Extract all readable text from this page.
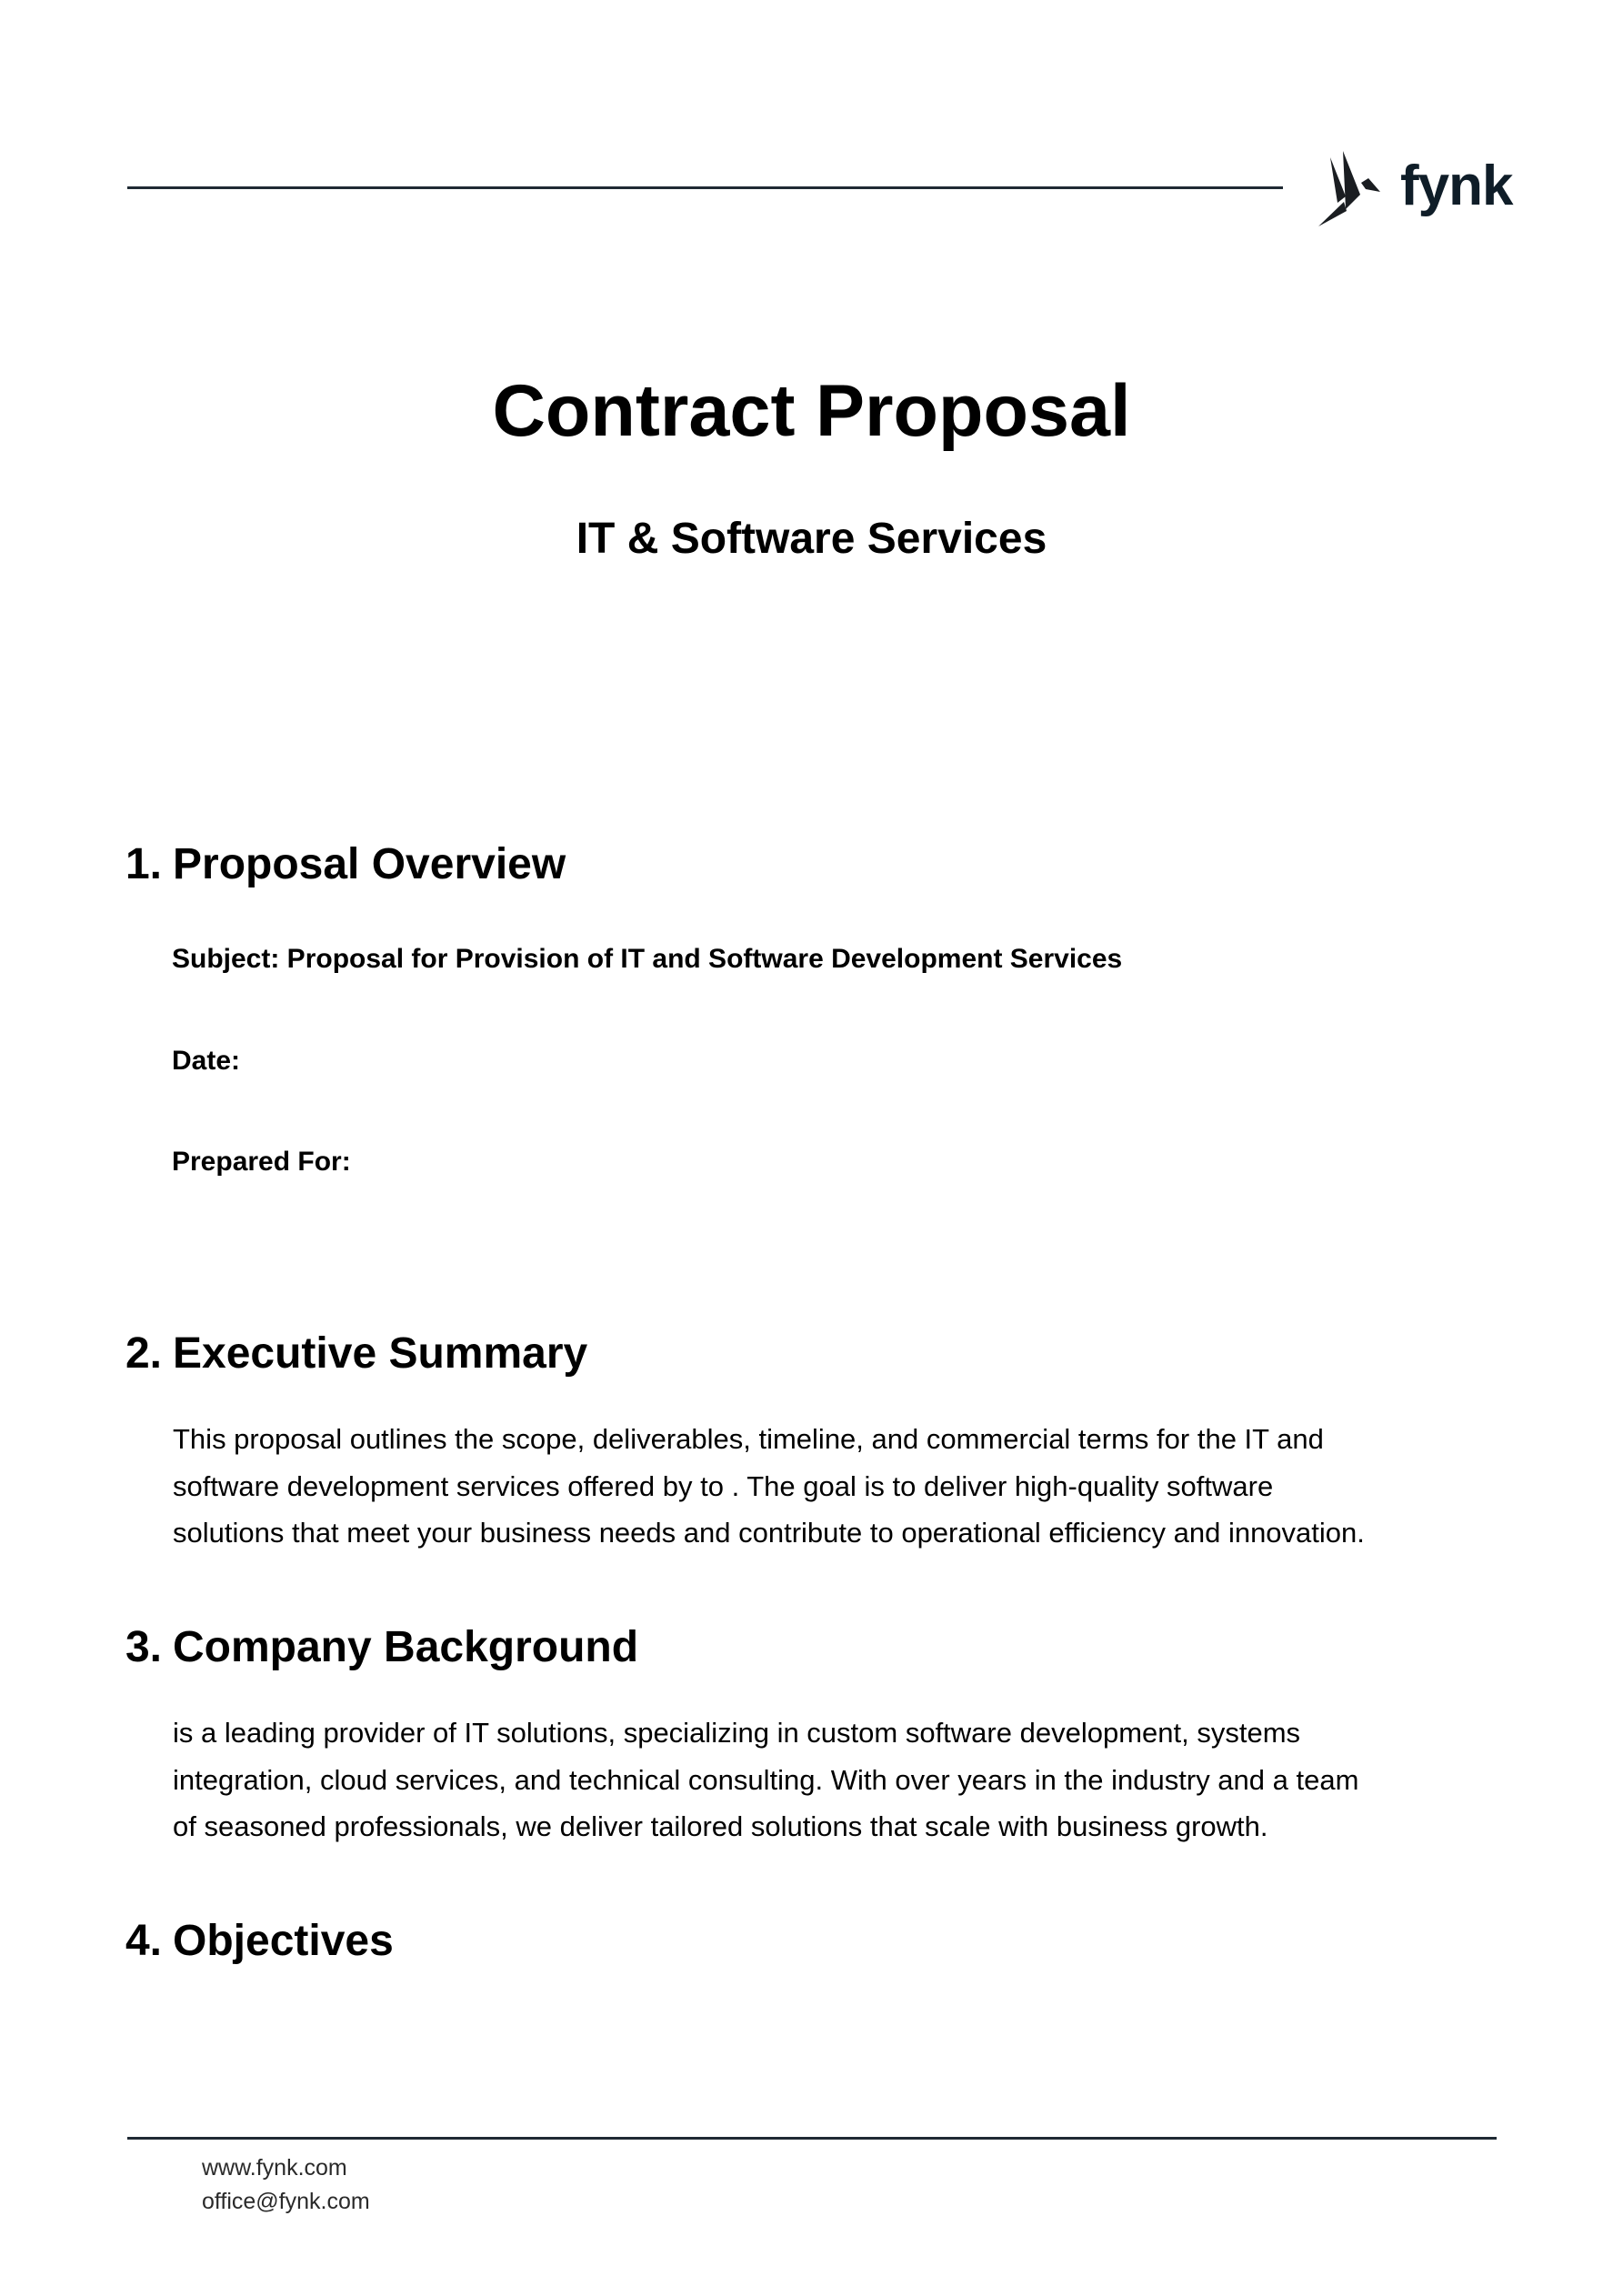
fynk
Contract Proposal
IT & Software Services
1. Proposal Overview
Subject: Proposal for Provision of IT and Software Development Services
Date:
Prepared For:
2. Executive Summary
This proposal outlines the scope, deliverables, timeline, and commercial terms for the IT and
software development services offered by to . The goal is to deliver high-quality software
solutions that meet your business needs and contribute to operational efficiency and innovation.
3. Company Background
is a leading provider of IT solutions, specializing in custom software development, systems
integration, cloud services, and technical consulting. With over years in the industry and a team
of seasoned professionals, we deliver tailored solutions that scale with business growth.
4. Objectives
www.fynk.com
office@fynk.com
